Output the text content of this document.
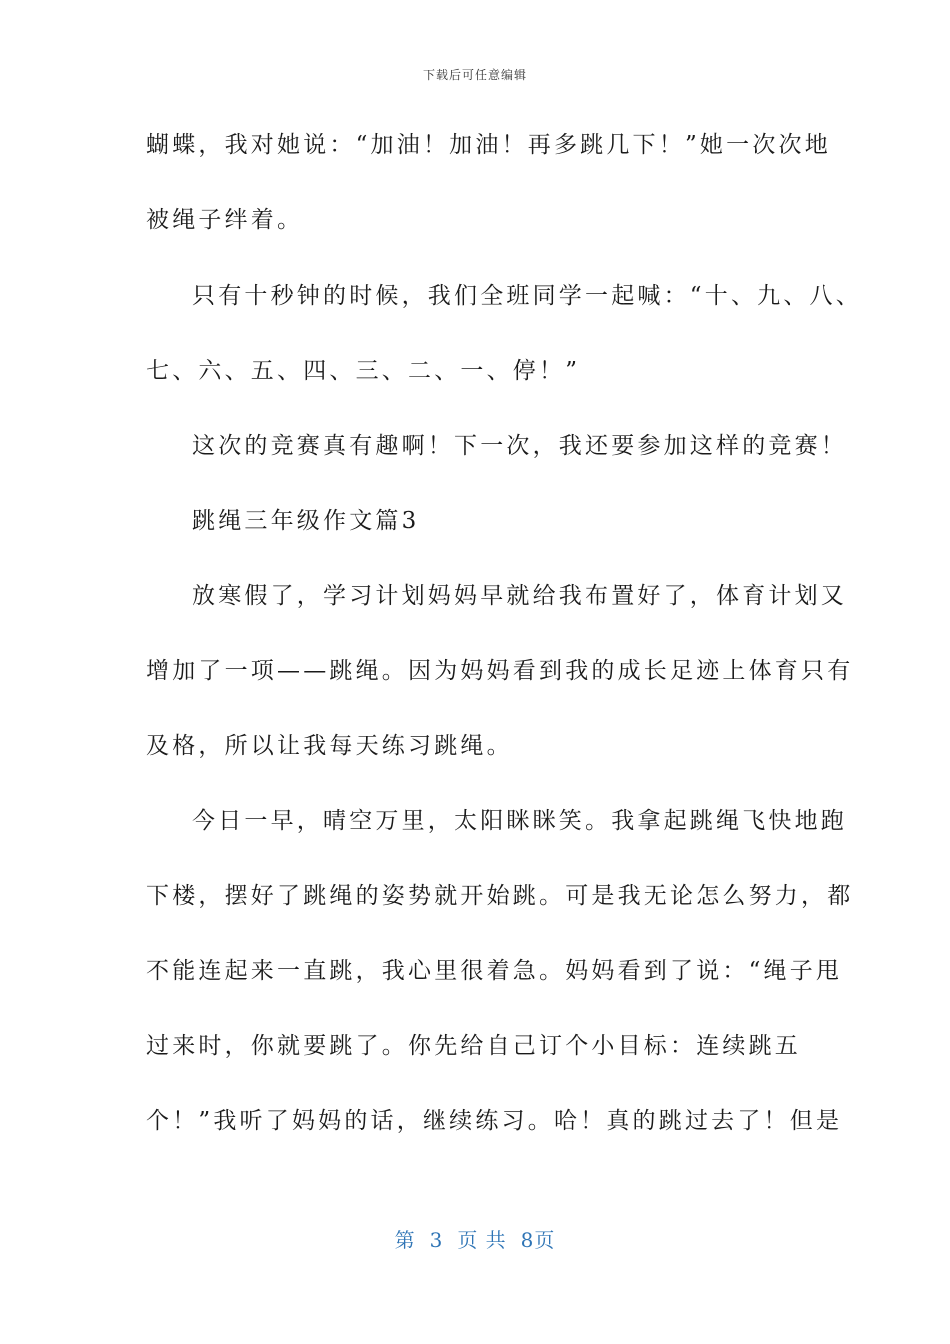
下载后可任意编辑
蝴蝶，我对她说：“加油！加油！再多跳几下！”她一次次地
被绳子绊着。
只有十秒钟的时候，我们全班同学一起喊：“十、九、八、
七、六、五、四、三、二、一、停！”
这次的竞赛真有趣啊！下一次，我还要参加这样的竞赛！
跳绳三年级作文篇3
放寒假了，学习计划妈妈早就给我布置好了，体育计划又
增加了一项——跳绳。因为妈妈看到我的成长足迹上体育只有
及格，所以让我每天练习跳绳。
今日一早，晴空万里，太阳眯眯笑。我拿起跳绳飞快地跑
下楼，摆好了跳绳的姿势就开始跳。可是我无论怎么努力，都
不能连起来一直跳，我心里很着急。妈妈看到了说：“绳子甩
过来时，你就要跳了。你先给自己订个小目标：连续跳五
个！”我听了妈妈的话，继续练习。哈！真的跳过去了！但是
第 3 页 共 8页
